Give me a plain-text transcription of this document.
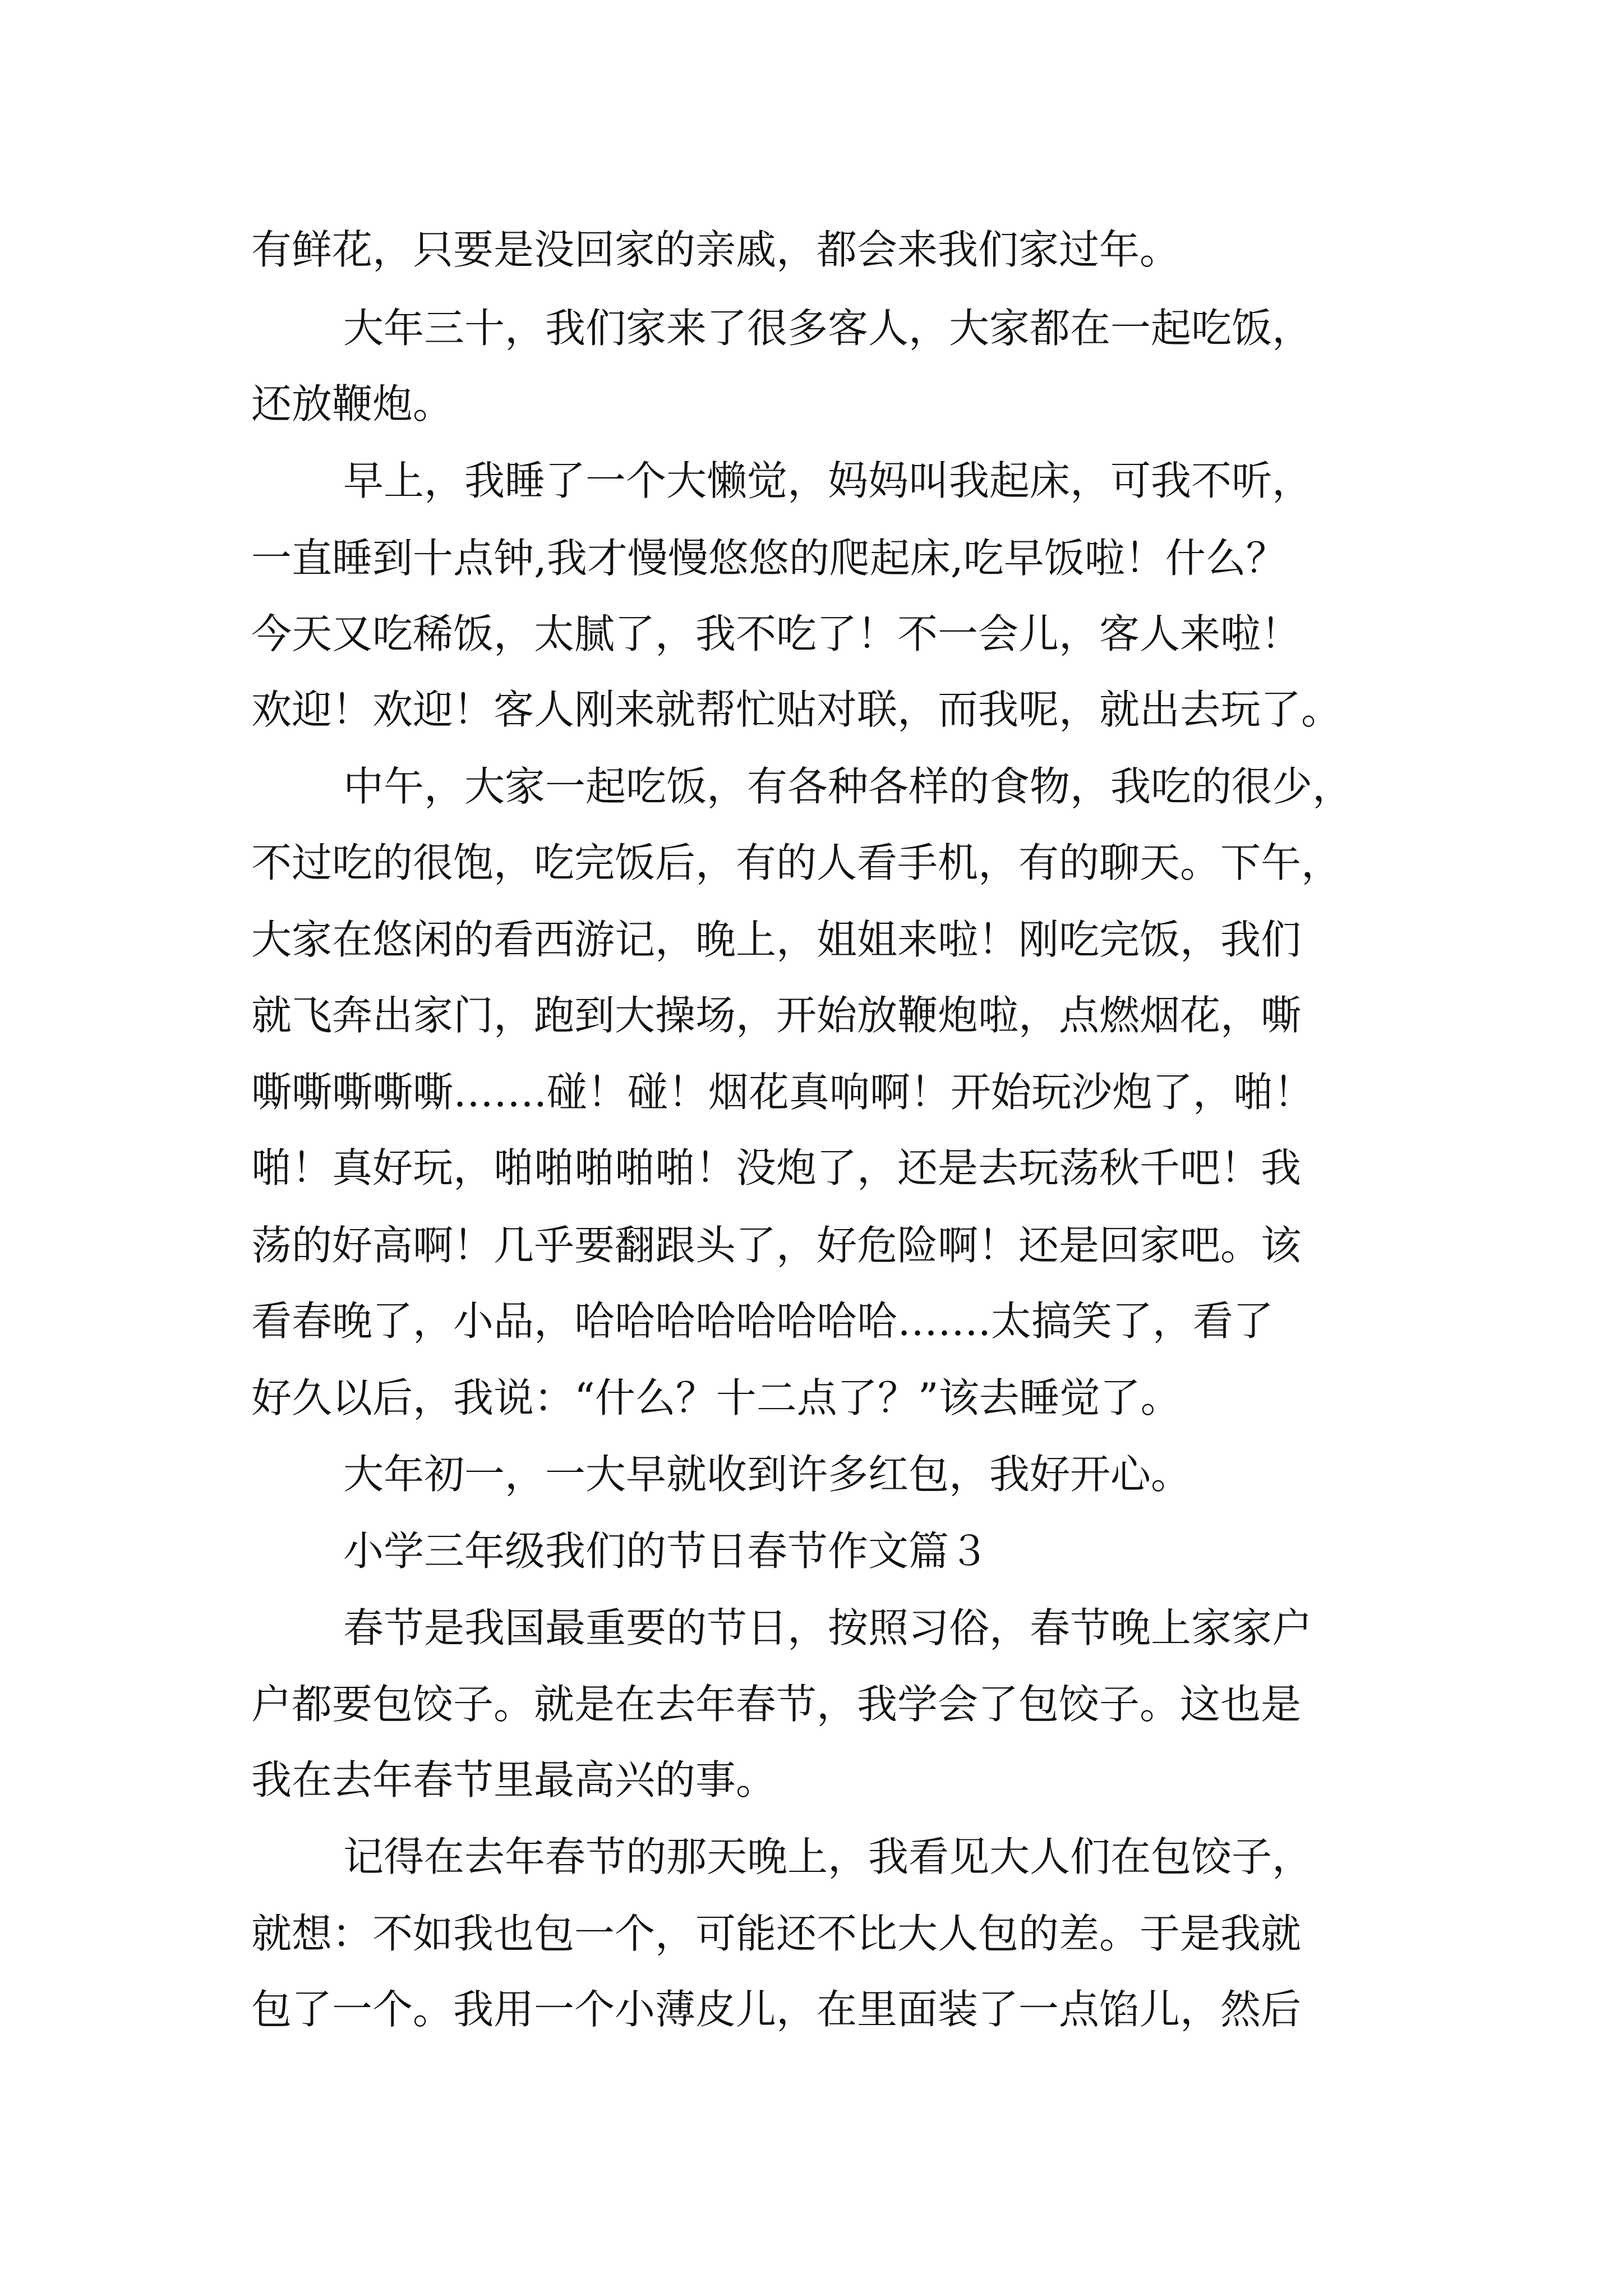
有鲜花，只要是没回家的亲戚，都会来我们家过年。
大年三十，我们家来了很多客人，大家都在一起吃饭，
还放鞭炮。
早上，我睡了一个大懒觉，妈妈叫我起床，可我不听，
一直睡到十点钟,我才慢慢悠悠的爬起床,吃早饭啦！什么？
今天又吃稀饭，太腻了，我不吃了！不一会儿，客人来啦！
欢迎！欢迎！客人刚来就帮忙贴对联，而我呢，就出去玩了。
中午，大家一起吃饭，有各种各样的食物，我吃的很少，
不过吃的很饱，吃完饭后，有的人看手机，有的聊天。下午，
大家在悠闲的看西游记，晚上，姐姐来啦！刚吃完饭，我们
就飞奔出家门，跑到大操场，开始放鞭炮啦，点燃烟花，嘶
嘶嘶嘶嘶嘶…….碰！碰！烟花真响啊！开始玩沙炮了，啪！
啪！真好玩，啪啪啪啪啪！没炮了，还是去玩荡秋千吧！我
荡的好高啊！几乎要翻跟头了，好危险啊！还是回家吧。该
看春晚了，小品，哈哈哈哈哈哈哈哈…….太搞笑了，看了
好久以后，我说：“什么？十二点了？”该去睡觉了。
大年初一，一大早就收到许多红包，我好开心。
小学三年级我们的节日春节作文篇３
春节是我国最重要的节日，按照习俗，春节晚上家家户
户都要包饺子。就是在去年春节，我学会了包饺子。这也是
我在去年春节里最高兴的事。
记得在去年春节的那天晚上，我看见大人们在包饺子，
就想：不如我也包一个，可能还不比大人包的差。于是我就
包了一个。我用一个小薄皮儿，在里面装了一点馅儿，然后
